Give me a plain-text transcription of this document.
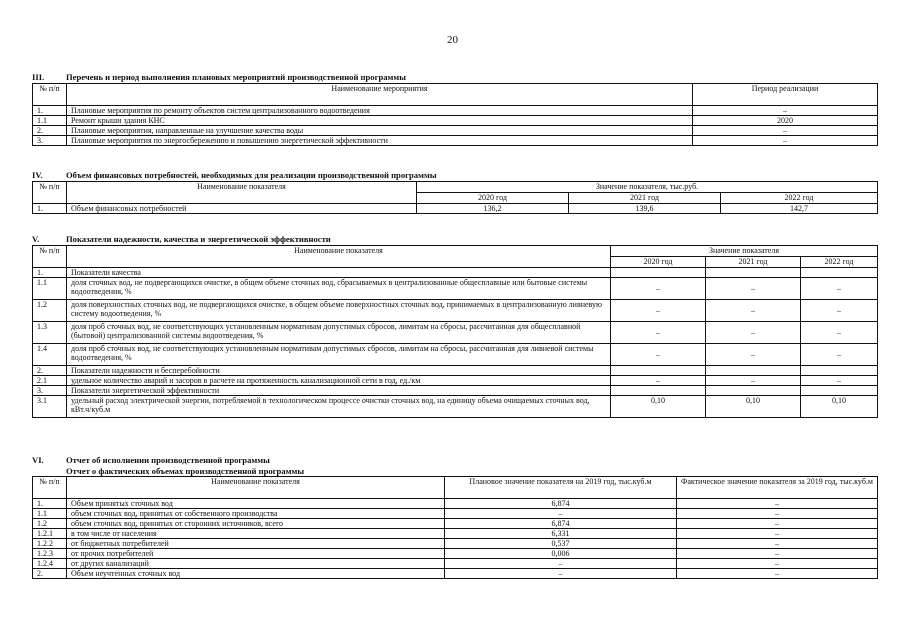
20
III.	Перечень и период выполнения плановых мероприятий производственной программы
№ п/п	Наименование мероприятия	Период реализации
1.	Плановые мероприятия по ремонту объектов систем централизованного водоотведения	–
1.1	Ремонт крыши здания КНС	2020
2.	Плановые мероприятия, направленные на улучшение качества воды	–
3.	Плановые мероприятия по энергосбережению и повышению энергетической эффективности	–
IV.	Объем финансовых потребностей, необходимых для реализации производственной программы
№ п/п	Наименование показателя	Значение показателя, тыс.руб.		
		2020 год	2021 год	2022 год
1.	Объем финансовых потребностей	136,2	139,6	142,7
V.	Показатели надежности, качества и энергетической эффективности
№ п/п	Наименование показателя	Значение показателя		
		2020 год	2021 год	2022 год
1.	Показатели качества			
1.1	доля сточных вод, не подвергающихся очистке, в общем объеме сточных вод, сбрасываемых в централизованные общесплавные или бытовые системы водоотведения, %	–	–	–
1.2	доля поверхностных сточных вод, не подвергающихся очистке, в общем объеме поверхностных сточных вод, принимаемых в централизованную ливневую систему водоотведения, %	–	–	–
1.3	доля проб сточных вод, не соответствующих установленным нормативам допустимых сбросов, лимитам на сбросы, рассчитанная для общесплавной (бытовой) централизованной системы водоотведения, %	–	–	–
1.4	доля проб сточных вод, не соответствующих установленным нормативам допустимых сбросов, лимитам на сбросы, рассчитанная для ливневой системы водоотведения, %	–	–	–
2.	Показатели надежности и бесперебойности			
2.1	удельное количество аварий и засоров в расчете на протяженность канализационной сети в год, ед./км	–	–	–
3.	Показатели энергетической эффективности			
3.1	удельный расход электрической энергии, потребляемой в технологическом процессе очистки сточных вод, на единицу объема очищаемых сточных вод, кВт.ч/куб.м	0,10	0,10	0,10
VI.	Отчет об исполнении производственной программы
Отчет о фактических объемах производственной программы
№ п/п	Наименование показателя	Плановое значение показателя на 2019 год, тыс.куб.м	Фактическое значение показателя за 2019 год, тыс.куб.м
1.	Объем принятых сточных вод	6,874	–
1.1	объем сточных вод, принятых от собственного производства	–	–
1.2	объем сточных вод, принятых от сторонних источников, всего	6,874	–
1.2.1	в том числе от населения	6,331	–
1.2.2	от бюджетных потребителей	0,537	–
1.2.3	от прочих потребителей	0,006	–
1.2.4	от других канализаций	–	–
2.	Объем неучтенных сточных вод	–	–
